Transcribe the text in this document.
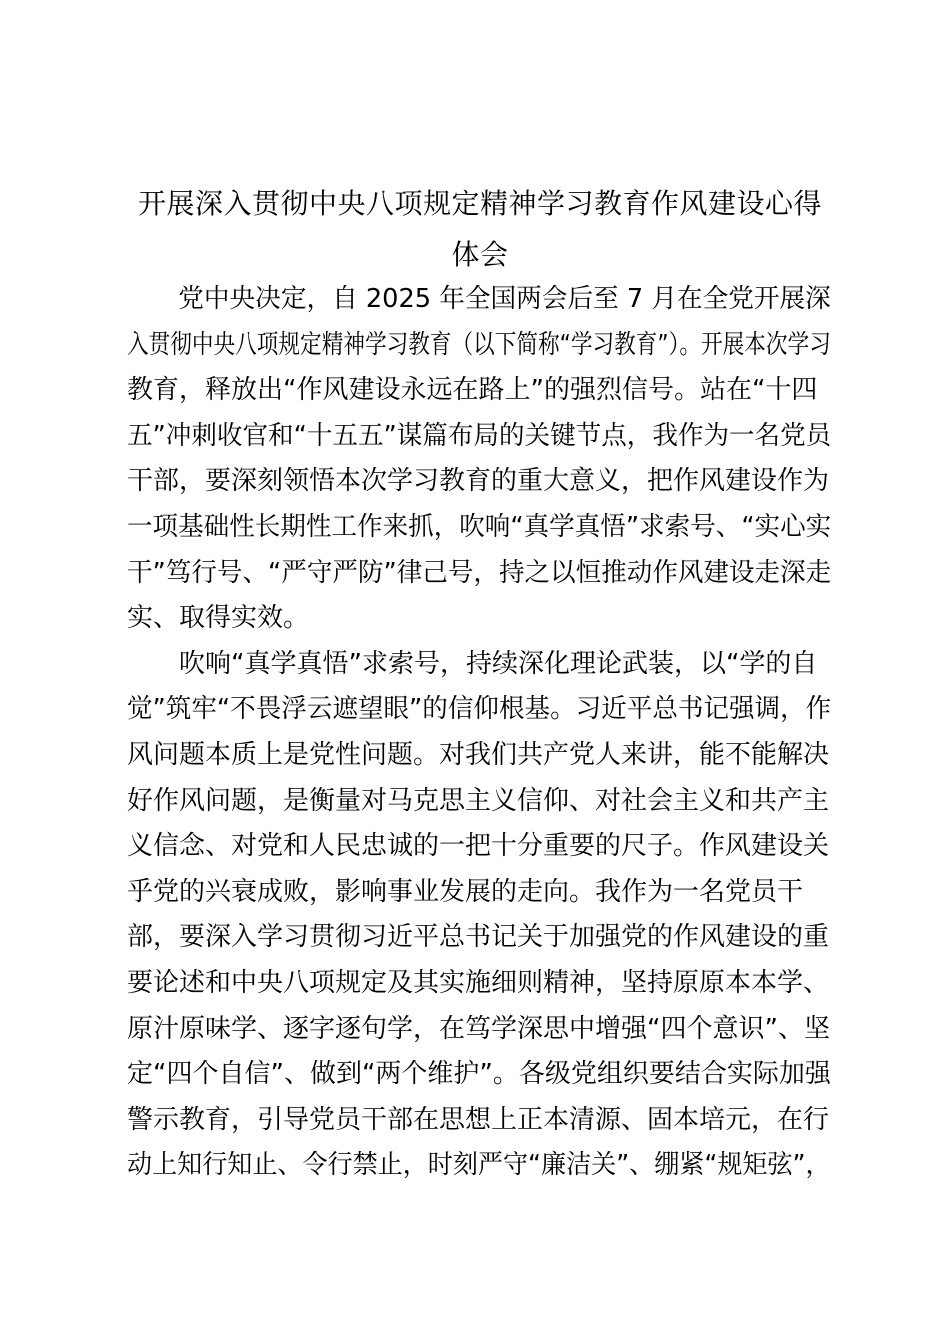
开展深入贯彻中央八项规定精神学习教育作风建设心得
体会
党中央决定，自 2025 年全国两会后至 7 月在全党开展深
入贯彻中央八项规定精神学习教育（以下简称“学习教育”）。开展本次学习
教育，释放出“作风建设永远在路上”的强烈信号。站在“十四
五”冲刺收官和“十五五”谋篇布局的关键节点，我作为一名党员
干部，要深刻领悟本次学习教育的重大意义，把作风建设作为
一项基础性长期性工作来抓，吹响“真学真悟”求索号、“实心实
干”笃行号、“严守严防”律己号，持之以恒推动作风建设走深走
实、取得实效。
吹响“真学真悟”求索号，持续深化理论武装，以“学的自
觉”筑牢“不畏浮云遮望眼”的信仰根基。习近平总书记强调，作
风问题本质上是党性问题。对我们共产党人来讲，能不能解决
好作风问题，是衡量对马克思主义信仰、对社会主义和共产主
义信念、对党和人民忠诚的一把十分重要的尺子。作风建设关
乎党的兴衰成败，影响事业发展的走向。我作为一名党员干
部，要深入学习贯彻习近平总书记关于加强党的作风建设的重
要论述和中央八项规定及其实施细则精神，坚持原原本本学、
原汁原味学、逐字逐句学，在笃学深思中增强“四个意识”、坚
定“四个自信”、做到“两个维护”。各级党组织要结合实际加强
警示教育，引导党员干部在思想上正本清源、固本培元，在行
动上知行知止、令行禁止，时刻严守“廉洁关”、绷紧“规矩弦”，
